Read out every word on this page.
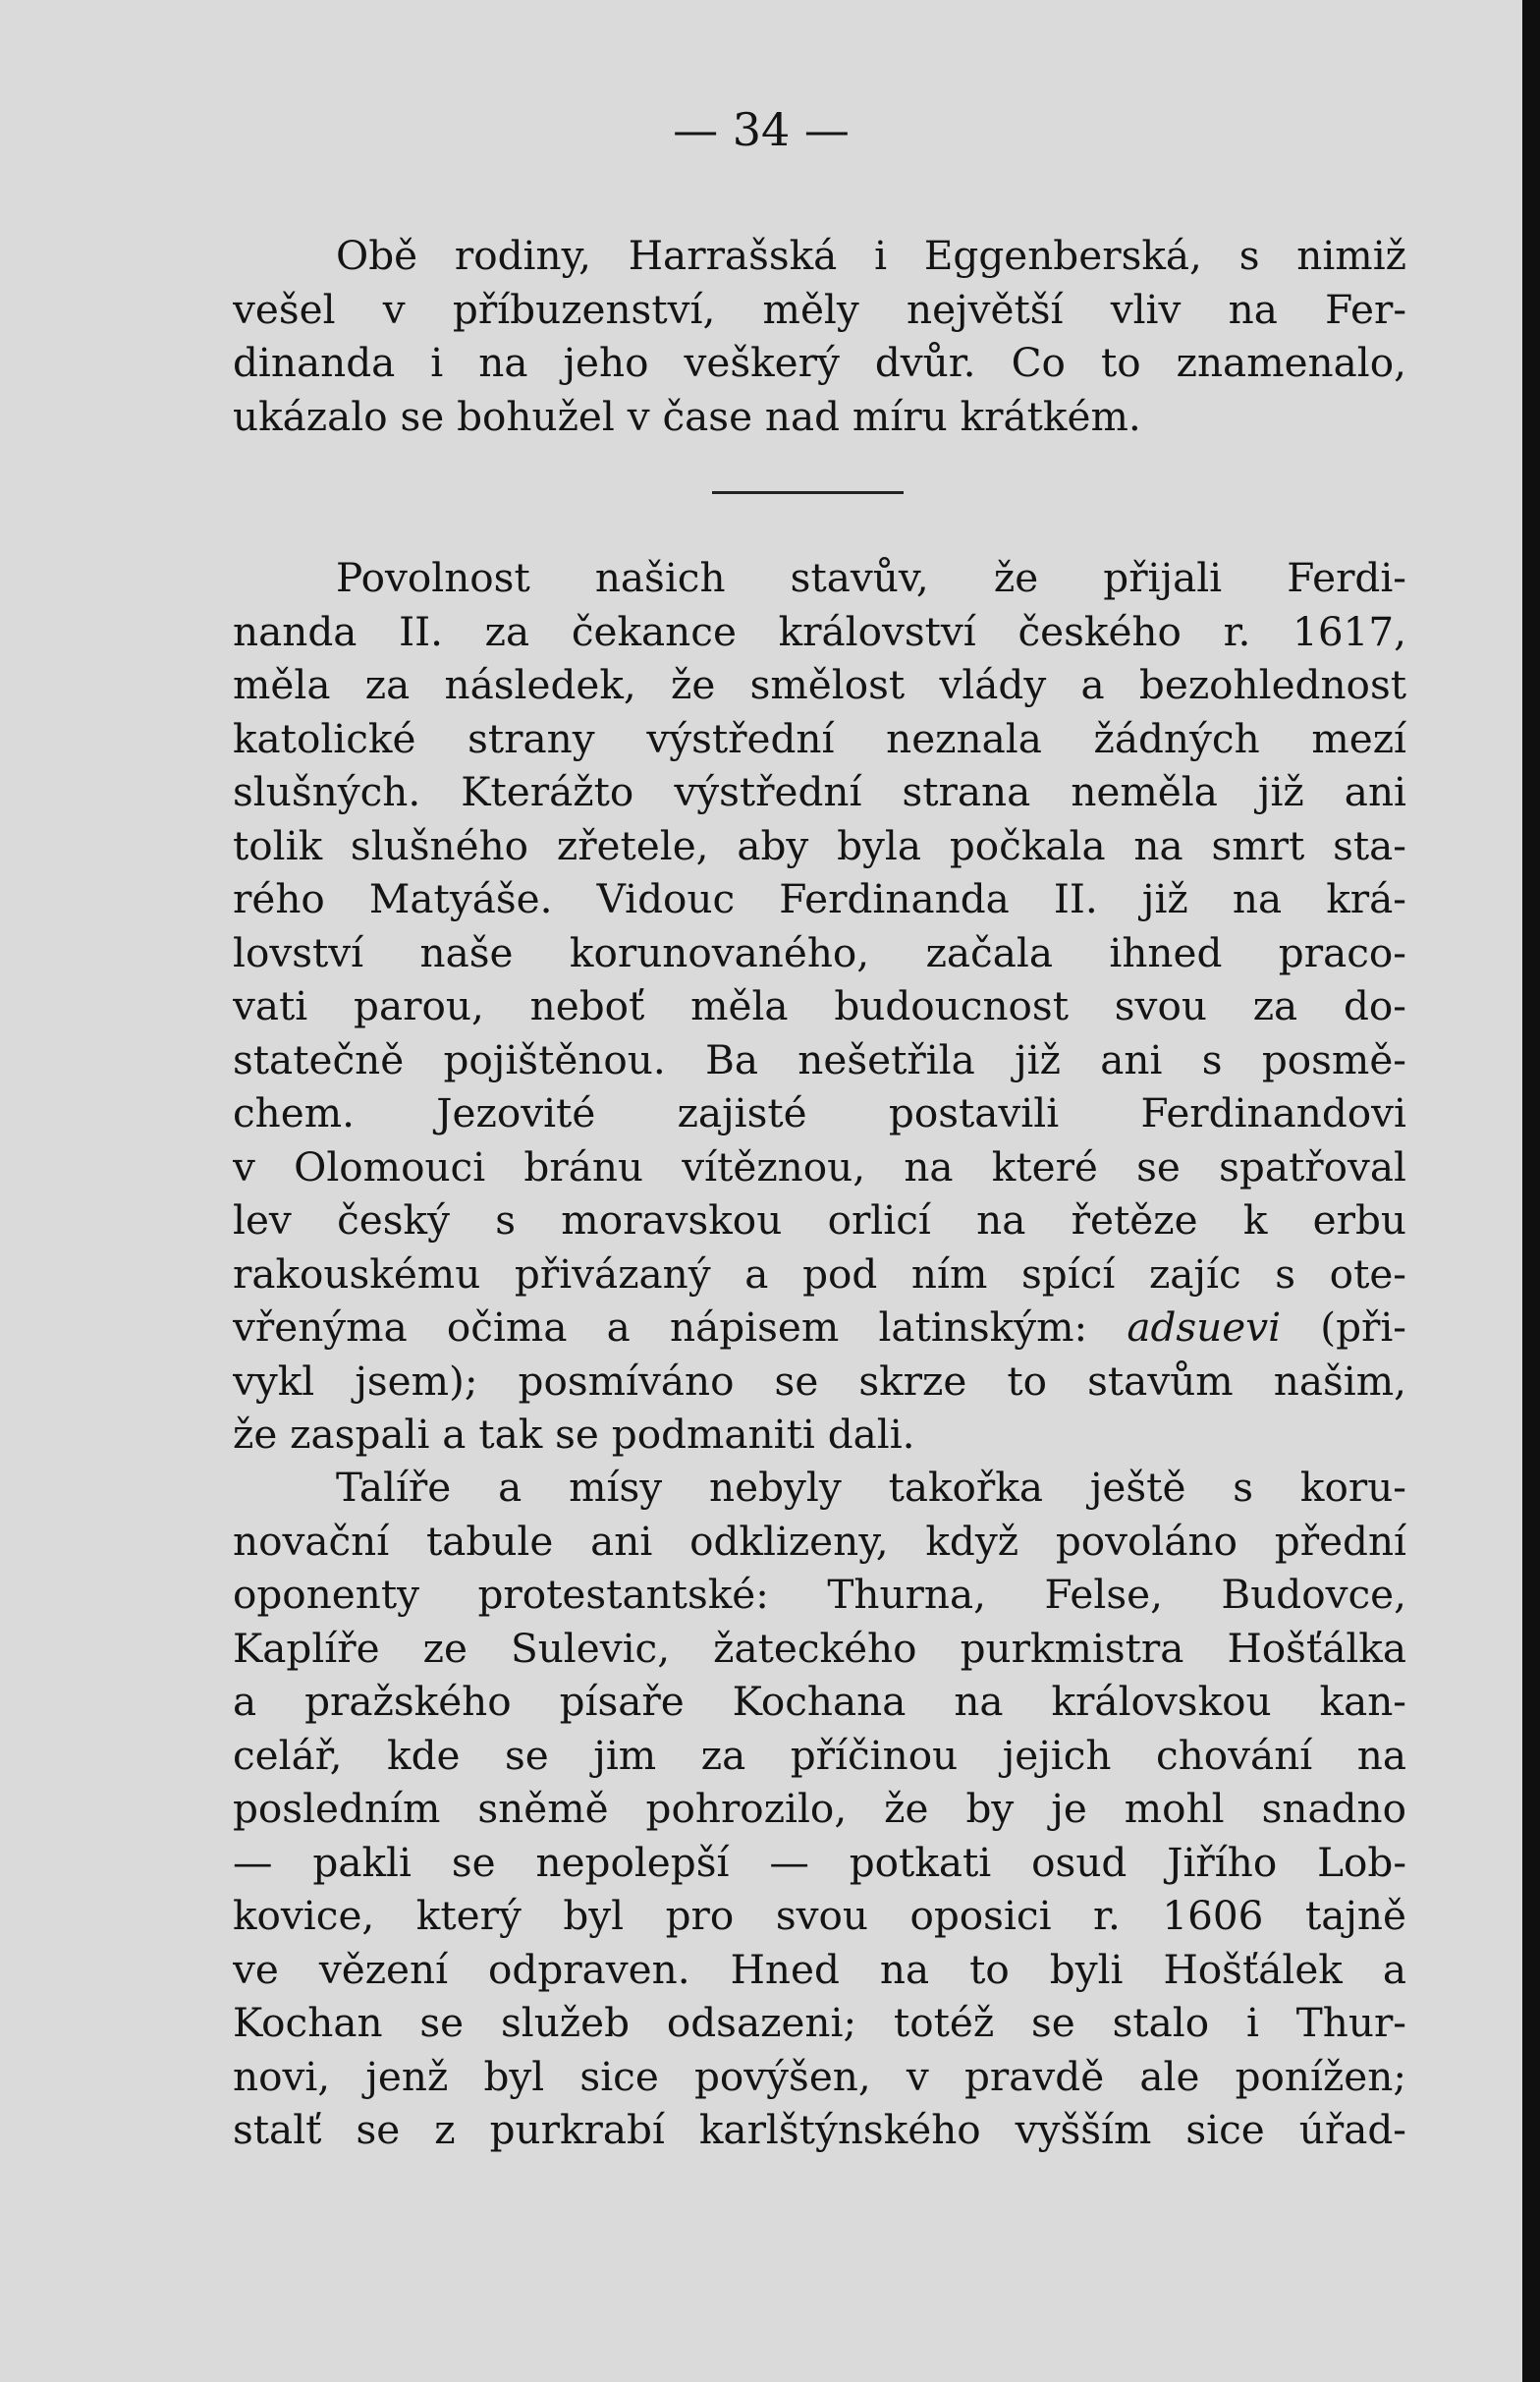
— 34 —
Obě rodiny, Harrašská i Eggenberská, s nimiž
vešel v příbuzenství, měly největší vliv na Fer-
dinanda i na jeho veškerý dvůr. Co to znamenalo,
ukázalo se bohužel v čase nad míru krátkém.
Povolnost našich stavův, že přijali Ferdi-
nanda II. za čekance království českého r. 1617,
měla za následek, že smělost vlády a bezohlednost
katolické strany výstřední neznala žádných mezí
slušných. Kterážto výstřední strana neměla již ani
tolik slušného zřetele, aby byla počkala na smrt sta-
rého Matyáše. Vidouc Ferdinanda II. již na krá-
lovství naše korunovaného, začala ihned praco-
vati parou, neboť měla budoucnost svou za do-
statečně pojištěnou. Ba nešetřila již ani s posmě-
chem. Jezovité zajisté postavili Ferdinandovi
v Olomouci bránu vítěznou, na které se spatřoval
lev český s moravskou orlicí na řetěze k erbu
rakouskému přivázaný a pod ním spící zajíc s ote-
vřenýma očima a nápisem latinským: adsuevi (při-
vykl jsem); posmíváno se skrze to stavům našim,
že zaspali a tak se podmaniti dali.
Talíře a mísy nebyly takořka ještě s koru-
novační tabule ani odklizeny, když povoláno přední
oponenty protestantské: Thurna, Felse, Budovce,
Kaplíře ze Sulevic, žateckého purkmistra Hošťálka
a pražského písaře Kochana na královskou kan-
celář, kde se jim za příčinou jejich chování na
posledním sněmě pohrozilo, že by je mohl snadno
— pakli se nepolepší — potkati osud Jiřího Lob-
kovice, který byl pro svou oposici r. 1606 tajně
ve vězení odpraven. Hned na to byli Hošťálek a
Kochan se služeb odsazeni; totéž se stalo i Thur-
novi, jenž byl sice povýšen, v pravdě ale ponížen;
stalť se z purkrabí karlštýnského vyšším sice úřad-
